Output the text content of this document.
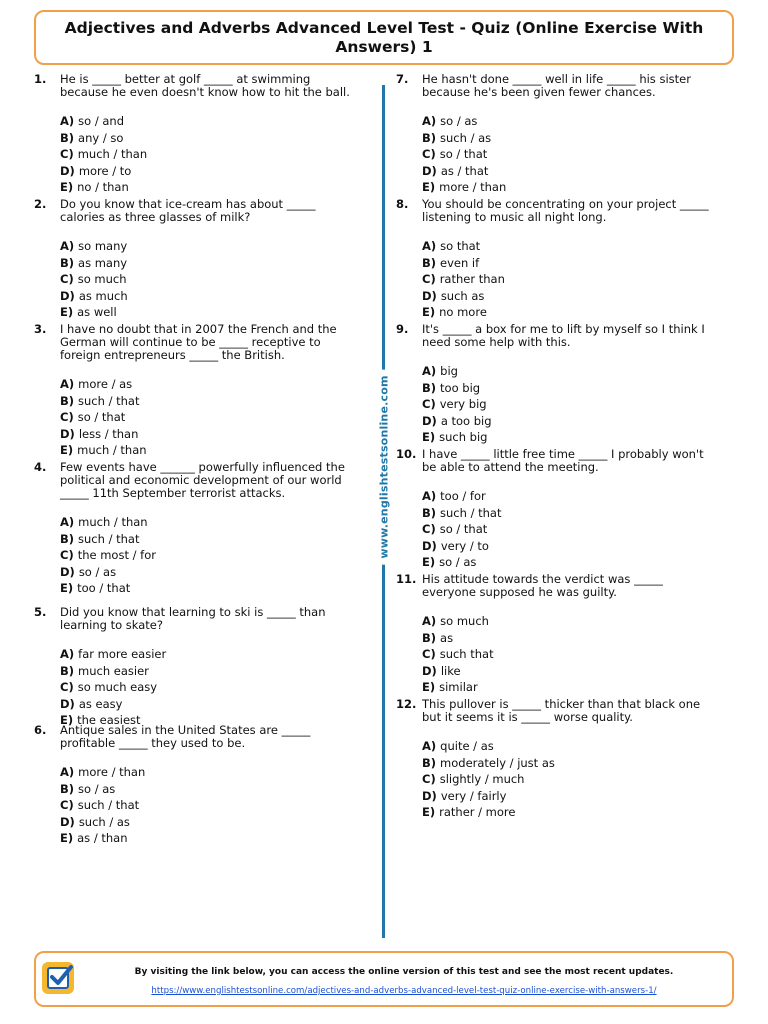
Adjectives and Adverbs Advanced Level Test - Quiz (Online Exercise With Answers) 1
1. He is _____ better at golf _____ at swimming because he even doesn't know how to hit the ball.
A) so / and
B) any / so
C) much / than
D) more / to
E) no / than
2. Do you know that ice-cream has about _____ calories as three glasses of milk?
A) so many
B) as many
C) so much
D) as much
E) as well
3. I have no doubt that in 2007 the French and the German will continue to be _____ receptive to foreign entrepreneurs _____ the British.
A) more / as
B) such / that
C) so / that
D) less / than
E) much / than
4. Few events have ______ powerfully influenced the political and economic development of our world _____ 11th September terrorist attacks.
A) much / than
B) such / that
C) the most / for
D) so / as
E) too / that
5. Did you know that learning to ski is _____ than learning to skate?
A) far more easier
B) much easier
C) so much easy
D) as easy
E) the easiest
6. Antique sales in the United States are _____ profitable _____ they used to be.
A) more / than
B) so / as
C) such / that
D) such / as
E) as / than
www.englishtestsonline.com
7. He hasn't done _____ well in life _____ his sister because he's been given fewer chances.
A) so / as
B) such / as
C) so / that
D) as / that
E) more / than
8. You should be concentrating on your project _____ listening to music all night long.
A) so that
B) even if
C) rather than
D) such as
E) no more
9. It's _____ a box for me to lift by myself so I think I need some help with this.
A) big
B) too big
C) very big
D) a too big
E) such big
10. I have _____ little free time _____ I probably won't be able to attend the meeting.
A) too / for
B) such / that
C) so / that
D) very / to
E) so / as
11. His attitude towards the verdict was _____ everyone supposed he was guilty.
A) so much
B) as
C) such that
D) like
E) similar
12. This pullover is _____ thicker than that black one but it seems it is _____ worse quality.
A) quite / as
B) moderately / just as
C) slightly / much
D) very / fairly
E) rather / more
By visiting the link below, you can access the online version of this test and see the most recent updates.
https://www.englishtestsonline.com/adjectives-and-adverbs-advanced-level-test-quiz-online-exercise-with-answers-1/
